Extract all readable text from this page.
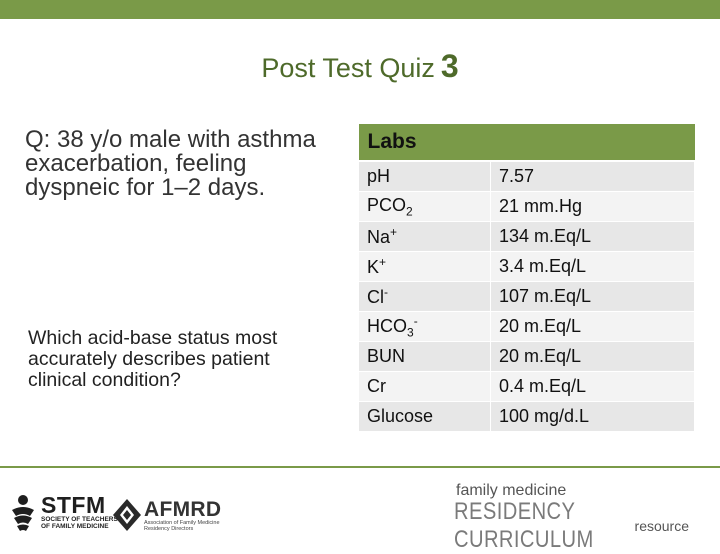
Post Test Quiz 3
Q: 38 y/o male with asthma exacerbation, feeling dyspneic for 1–2 days.
Which acid-base status most accurately describes patient clinical condition?
Labs	
pH	7.57
$PCO_2$	21 mm.Hg
Na+	134 m.Eq/L
K+	3.4 m.Eq/L
Cl-	107 m.Eq/L
$HCO_3^-$	20 m.Eq/L
BUN	20 m.Eq/L
Cr	0.4 m.Eq/L
Glucose	100 mg/d.L
STFM
SOCIETY OF TEACHERS OF FAMILY MEDICINE
AFMRD
Association of Family Medicine Residency Directors
family medicine
RESIDENCY CURRICULUM	resource
